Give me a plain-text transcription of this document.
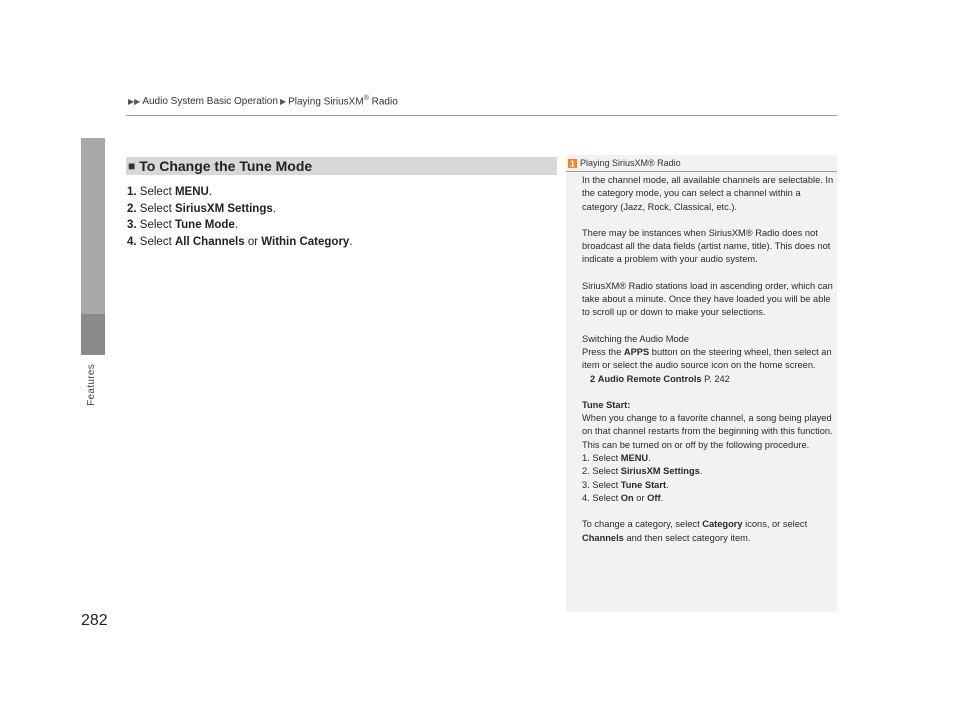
Features
▶▶ Audio System Basic Operation ▶ Playing SiriusXM® Radio
■ To Change the Tune Mode
1. Select MENU.
2. Select SiriusXM Settings.
3. Select Tune Mode.
4. Select All Channels or Within Category.
1 Playing SiriusXM® Radio

In the channel mode, all available channels are selectable. In the category mode, you can select a channel within a category (Jazz, Rock, Classical, etc.).

There may be instances when SiriusXM® Radio does not broadcast all the data fields (artist name, title). This does not indicate a problem with your audio system.

SiriusXM® Radio stations load in ascending order, which can take about a minute. Once they have loaded you will be able to scroll up or down to make your selections.

Switching the Audio Mode
Press the APPS button on the steering wheel, then select an item or select the audio source icon on the home screen.
2 Audio Remote Controls P. 242

Tune Start:
When you change to a favorite channel, a song being played on that channel restarts from the beginning with this function. This can be turned on or off by the following procedure.
1. Select MENU.
2. Select SiriusXM Settings.
3. Select Tune Start.
4. Select On or Off.

To change a category, select Category icons, or select Channels and then select category item.

282
